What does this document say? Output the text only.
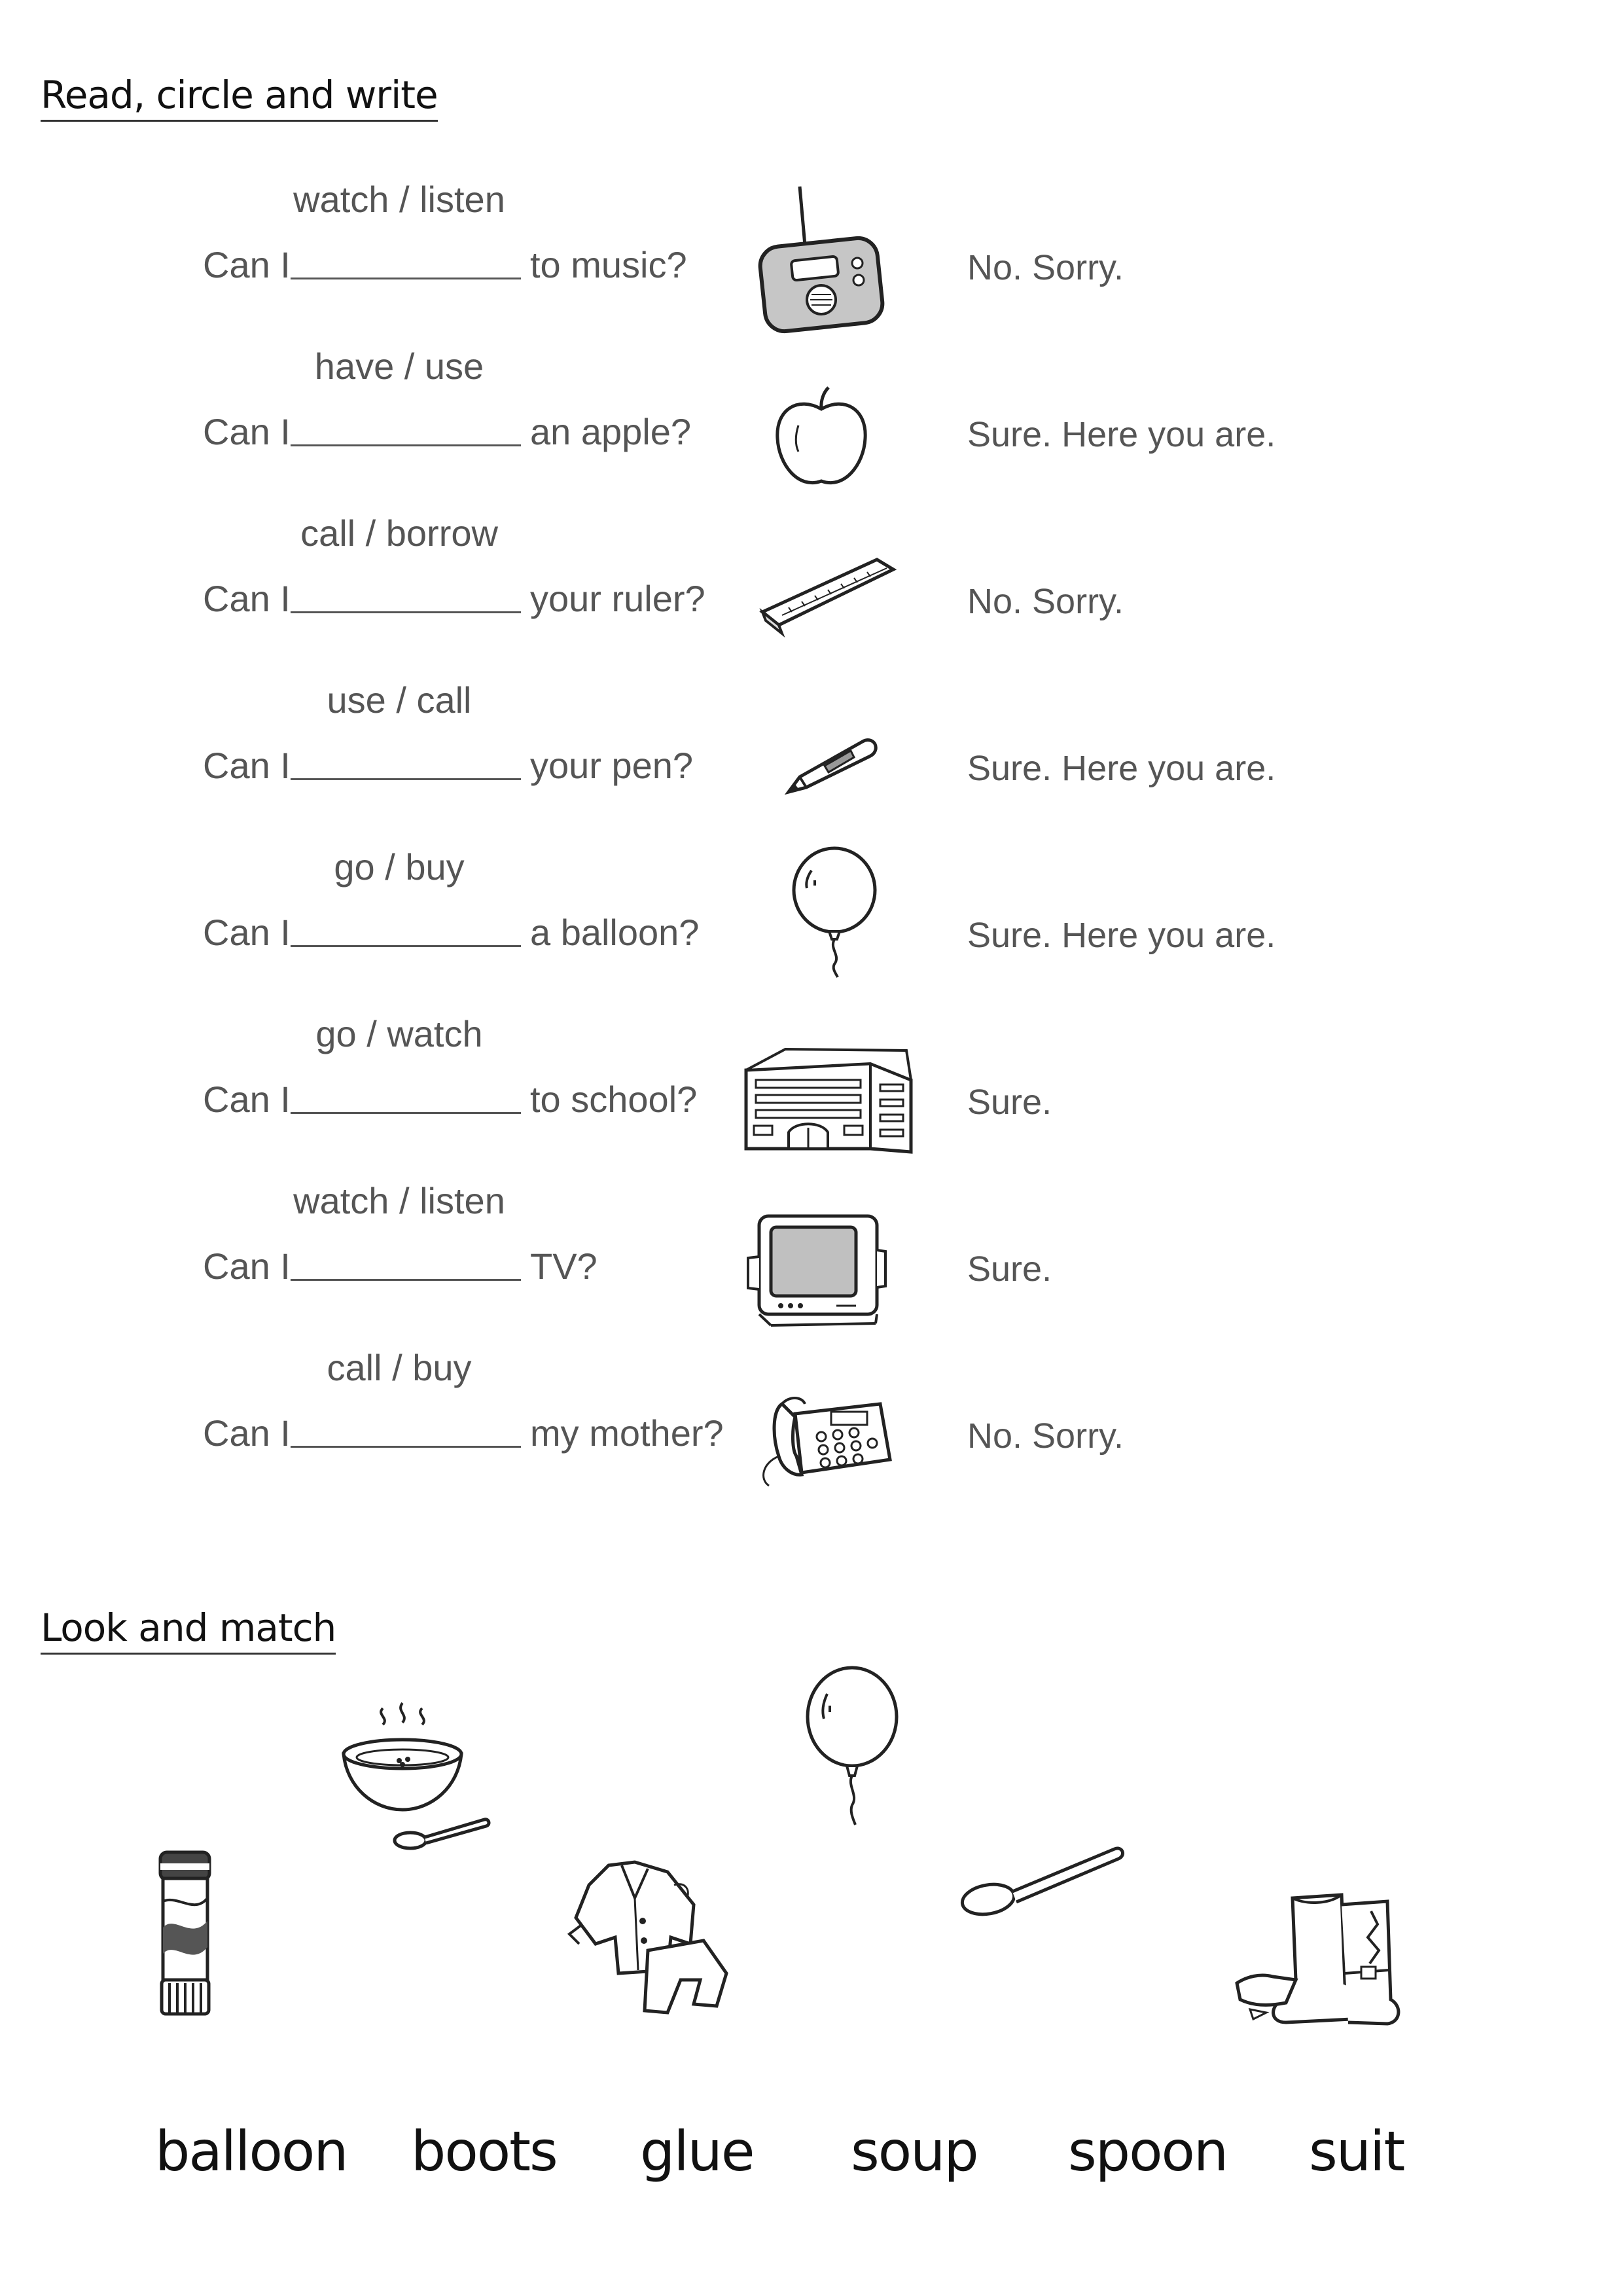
Read, circle and write
watch / listen
Can I	to music?	No. Sorry.
have / use
Can I	an apple?	Sure. Here you are.
call / borrow
Can I	your ruler?	No. Sorry.
use / call
Can I	your pen?	Sure. Here you are.
go / buy
Can I	a balloon?	Sure. Here you are.
go / watch
Can I	to school?	Sure.
watch / listen
Can I	TV?	Sure.
call / buy
Can I	my mother?	No. Sorry.
Look and match
balloon boots glue soup spoon suit
